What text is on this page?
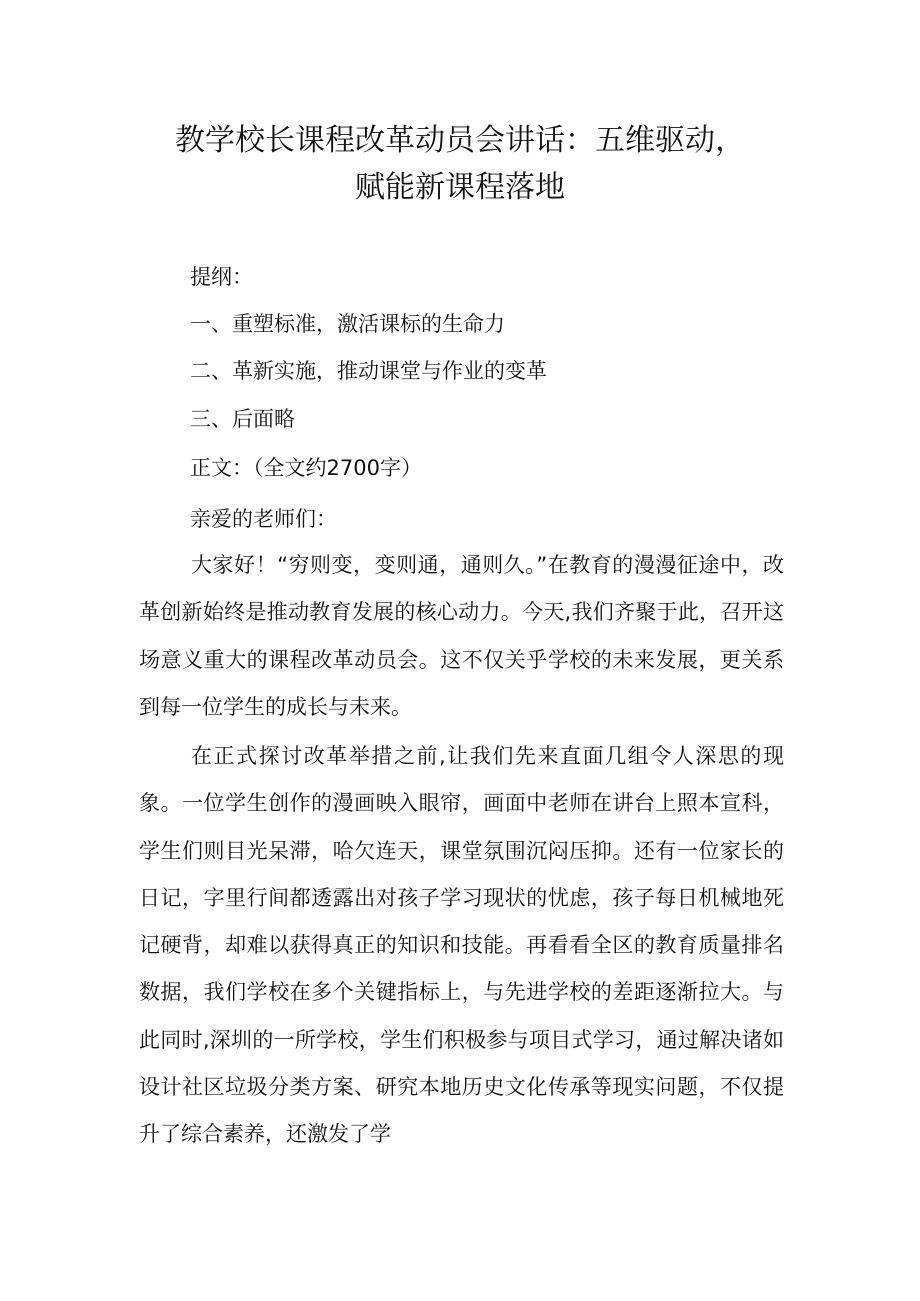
教学校长课程改革动员会讲话：五维驱动，
赋能新课程落地
提纲：
一、重塑标准，激活课标的生命力
二、革新实施，推动课堂与作业的变革
三、后面略
正文：（全文约2700字）
亲爱的老师们：

大家好！“穷则变，变则通，通则久。”在教育的漫漫征途中，改革创新始终是推动教育发展的核心动力。今天,我们齐聚于此，召开这场意义重大的课程改革动员会。这不仅关乎学校的未来发展，更关系到每一位学生的成长与未来。

在正式探讨改革举措之前,让我们先来直面几组令人深思的现象。一位学生创作的漫画映入眼帘，画面中老师在讲台上照本宣科，学生们则目光呆滞，哈欠连天，课堂氛围沉闷压抑。还有一位家长的日记，字里行间都透露出对孩子学习现状的忧虑，孩子每日机械地死记硬背，却难以获得真正的知识和技能。再看看全区的教育质量排名数据，我们学校在多个关键指标上，与先进学校的差距逐渐拉大。与此同时,深圳的一所学校，学生们积极参与项目式学习，通过解决诸如设计社区垃圾分类方案、研究本地历史文化传承等现实问题，不仅提升了综合素养，还激发了学
